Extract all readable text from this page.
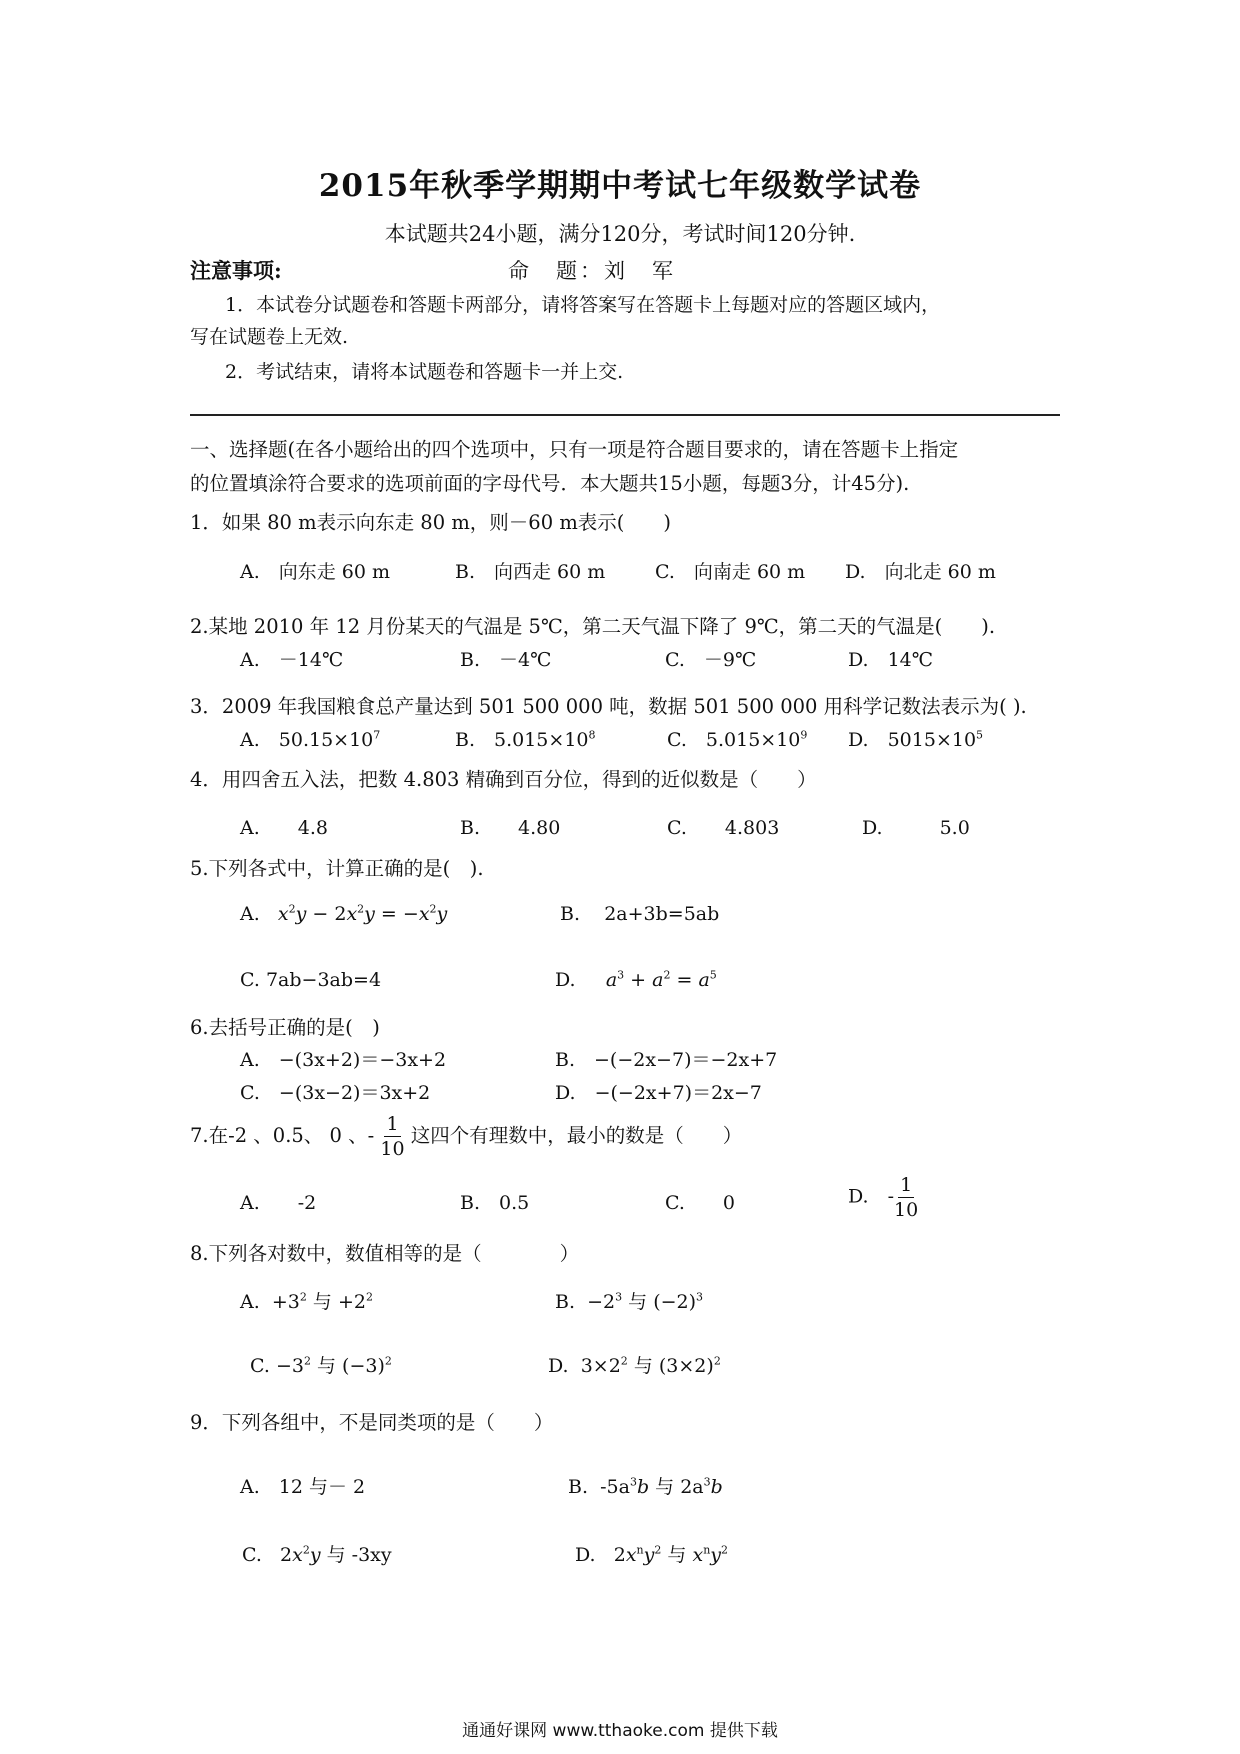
2015年秋季学期期中考试七年级数学试卷
本试题共24小题，满分120分，考试时间120分钟.
注意事项:	命　题：刘　军
1．本试卷分试题卷和答题卡两部分，请将答案写在答题卡上每题对应的答题区域内，
写在试题卷上无效.
2．考试结束，请将本试题卷和答题卡一并上交.
一、选择题(在各小题给出的四个选项中，只有一项是符合题目要求的，请在答题卡上指定
的位置填涂符合要求的选项前面的字母代号．本大题共15小题，每题3分，计45分).
1．如果 80 m表示向东走 80 m，则－60 m表示(　　)
A.　向东走 60 m	B.　向西走 60 m	C.　向南走 60 m D.　向北走 60 m
2.某地 2010 年 12 月份某天的气温是 5℃，第二天气温下降了 9℃，第二天的气温是(　　).
A.　－14℃	B.　－4℃	C.　－9℃	D.　14℃
3．2009 年我国粮食总产量达到 501 500 000 吨，数据 501 500 000 用科学记数法表示为( ).
A.　$50.15\times 10^7$	B.　$5.015\times 10^8$	C.　$5.015\times 10^9$ D.　$5015\times 10^5$
4．用四舍五入法，把数 4.803 精确到百分位，得到的近似数是（　　）
A.　　4.8	B.　　4.80	C.　　4.803	D.　　　5.0
5.下列各式中，计算正确的是(　).
A. $x^2y - 2x^2y = -x^2y$	B. 2a+3b=5ab
C. 7ab−3ab=4	D. $a^3 + a^2 = a^5$
6.去括号正确的是(　)
A.　−(3x+2)＝−3x+2	B.　−(−2x−7)＝−2x+7
C.　−(3x−2)＝3x+2	D.　−(−2x+7)＝2x−7
7.在-2 、0.5、 0 、- $\frac{1}{10}$ 这四个有理数中，最小的数是（　　）
A.　　-2	B.　0.5	C.　　0	D.　- $\frac{1}{10}$
8.下列各对数中，数值相等的是（　　　　）
A.  $+3^2$ 与 $+2^2$	B.  $-2^3$ 与 $(-2)^3$
C. $-3^2$ 与 $(-3)^2$	D.  $3\times 2^2$ 与 $(3\times 2)^2$
9．下列各组中，不是同类项的是（　　）
A.　12 与－ 2	B.  $-5a^3b$ 与 $2a^3b$
C.   $2x^2y$ 与 -3xy	D.   $2x^ny^2$ 与 $x^ny^2$
通通好课网 www.tthaoke.com 提供下载
